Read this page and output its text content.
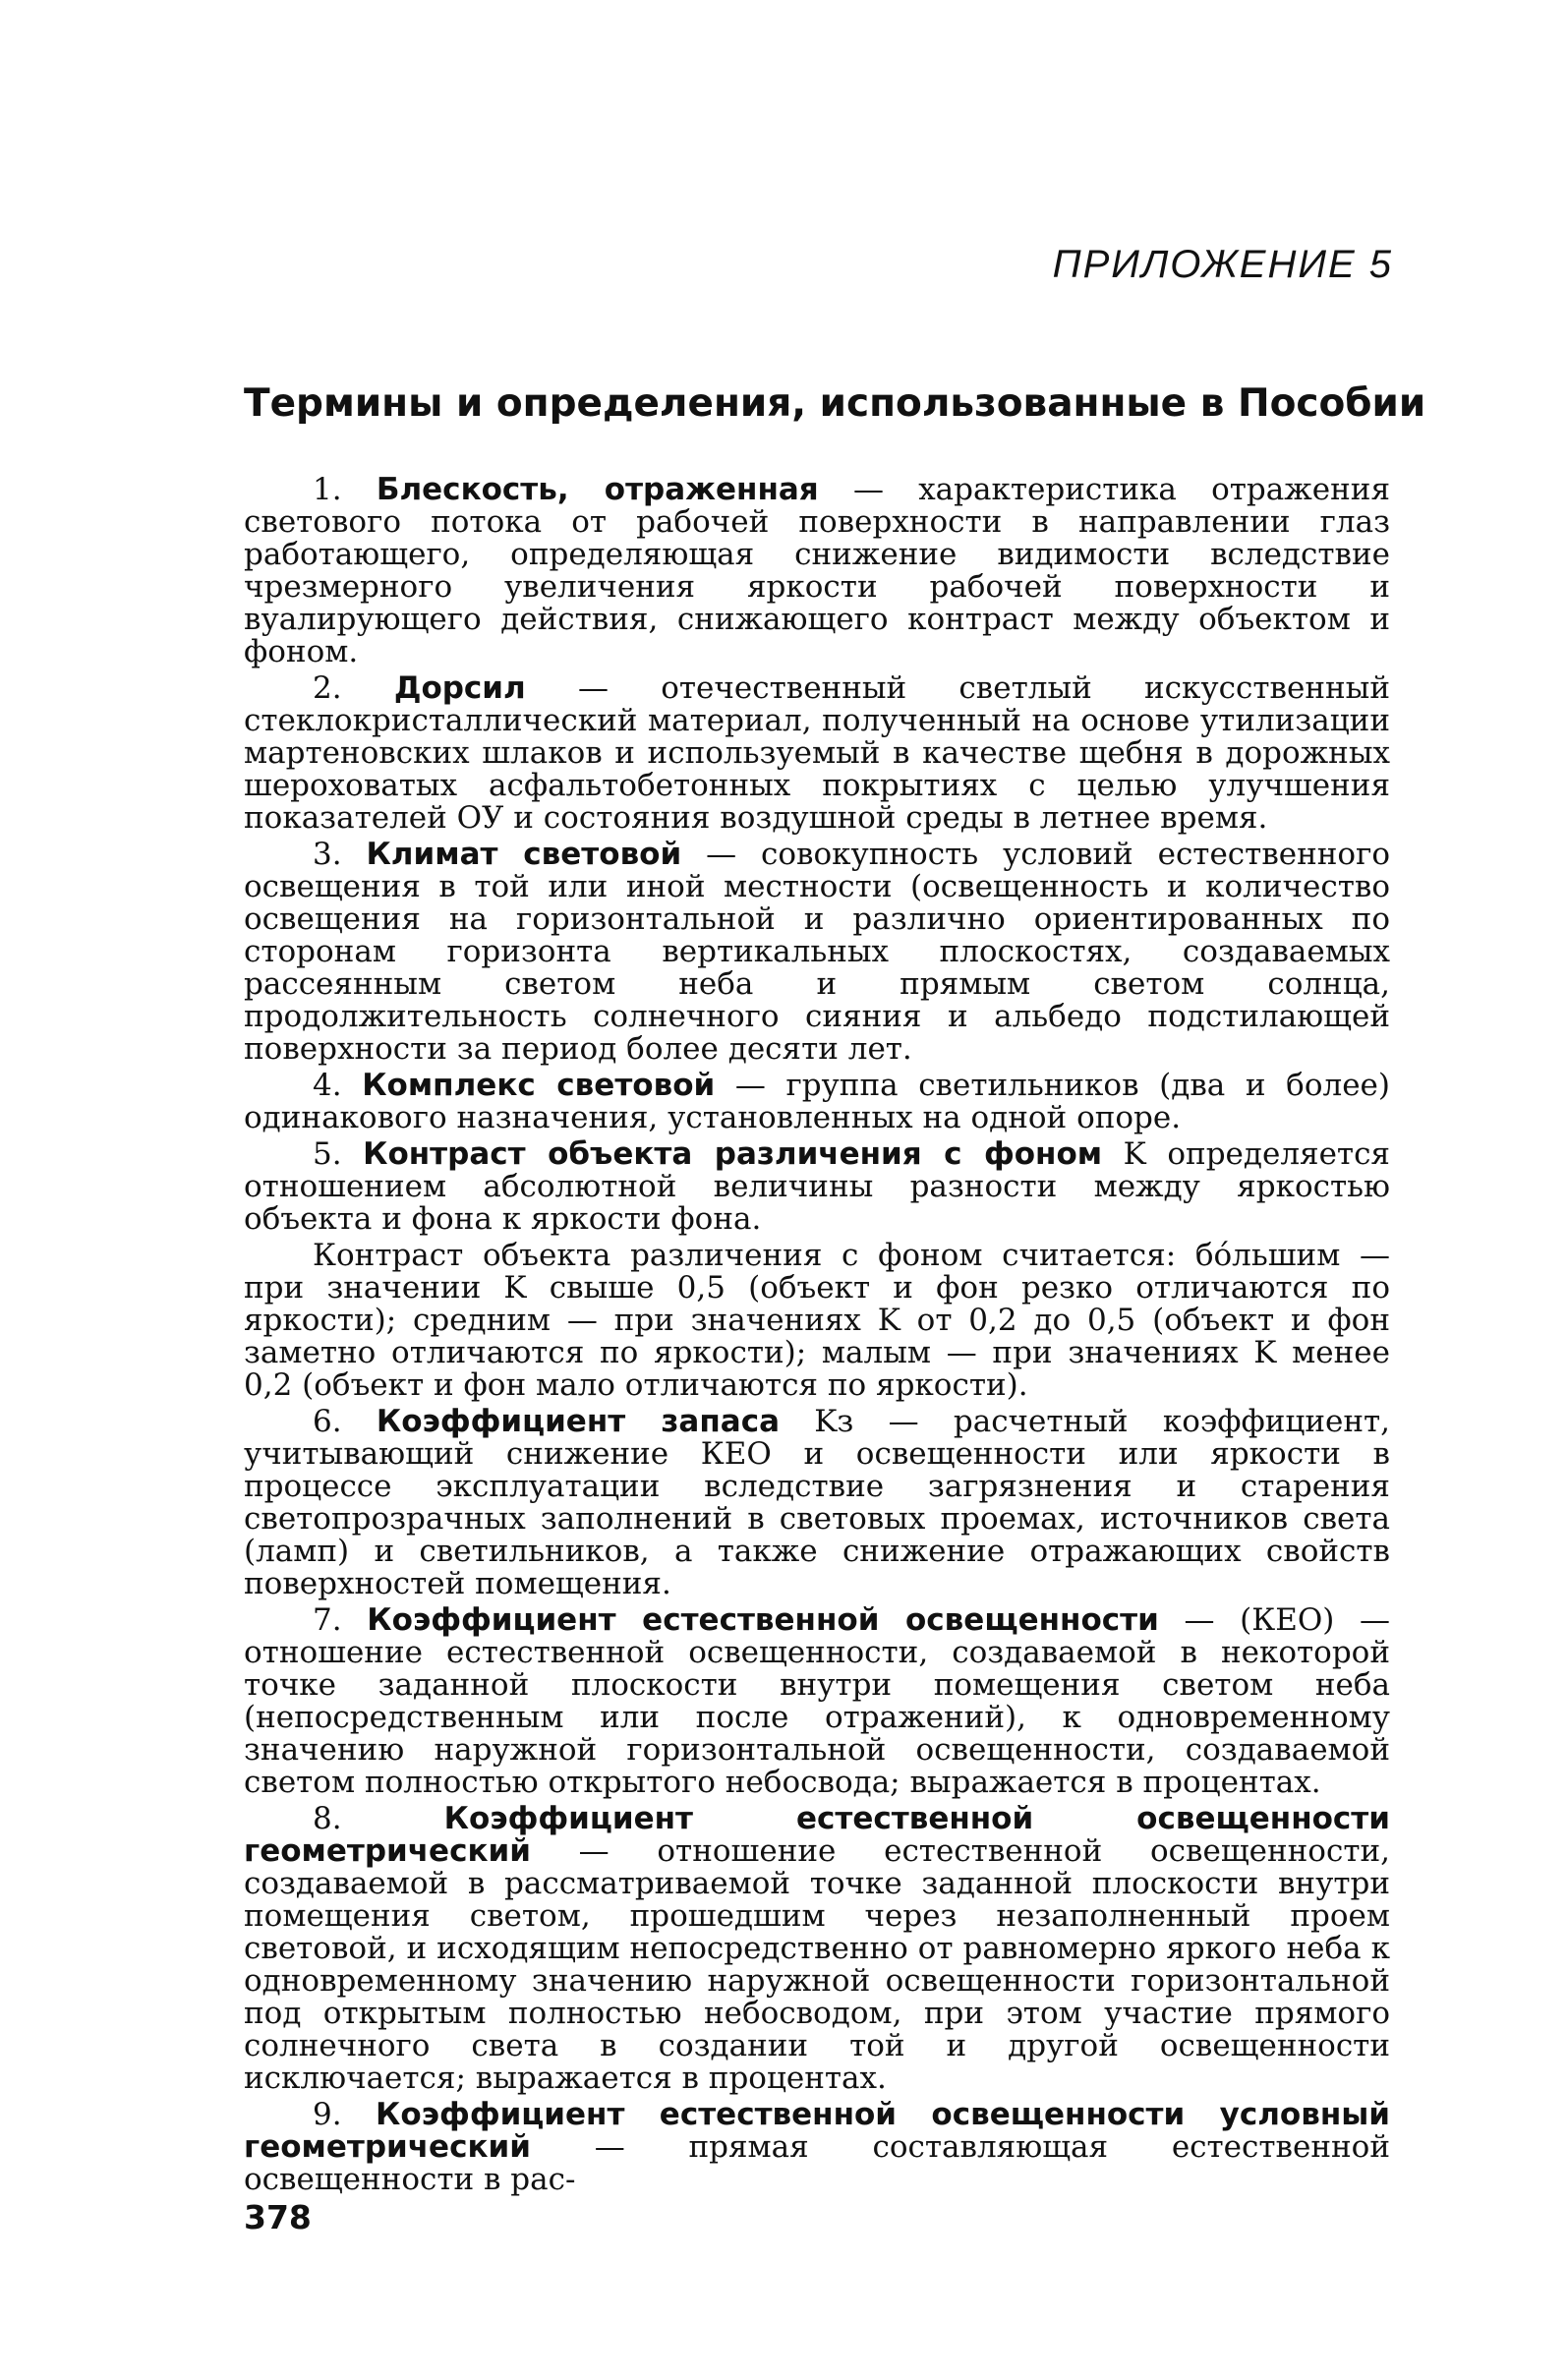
ПРИЛОЖЕНИЕ 5
Термины и определения, использованные в Пособии

1. Блескость, отраженная — характеристика отражения светового потока от рабочей поверхности в направлении глаз работающего, определяющая снижение видимости вследствие чрезмерного увеличения яркости рабочей поверхности и вуалирующего действия, снижающего контраст между объектом и фоном.

2. Дорсил — отечественный светлый искусственный стеклокристаллический материал, полученный на основе утилизации мартеновских шлаков и используемый в качестве щебня в дорожных шероховатых асфальтобетонных покрытиях с целью улучшения показателей ОУ и состояния воздушной среды в летнее время.

3. Климат световой — совокупность условий естественного освещения в той или иной местности (освещенность и количество освещения на горизонтальной и различно ориентированных по сторонам горизонта вертикальных плоскостях, создаваемых рассеянным светом неба и прямым светом солнца, продолжительность солнечного сияния и альбедо подстилающей поверхности за период более десяти лет.

4. Комплекс световой — группа светильников (два и более) одинакового назначения, установленных на одной опоре.

5. Контраст объекта различения с фоном K определяется отношением абсолютной величины разности между яркостью объекта и фона к яркости фона.

Контраст объекта различения с фоном считается: бóльшим — при значении K свыше 0,5 (объект и фон резко отличаются по яркости); средним — при значениях K от 0,2 до 0,5 (объект и фон заметно отличаются по яркости); малым — при значениях K менее 0,2 (объект и фон мало отличаются по яркости).

6. Коэффициент запаса Kз — расчетный коэффициент, учитывающий снижение КЕО и освещенности или яркости в процессе эксплуатации вследствие загрязнения и старения светопрозрачных заполнений в световых проемах, источников света (ламп) и светильников, а также снижение отражающих свойств поверхностей помещения.

7. Коэффициент естественной освещенности — (КЕО) — отношение естественной освещенности, создаваемой в некоторой точке заданной плоскости внутри помещения светом неба (непосредственным или после отражений), к одновременному значению наружной горизонтальной освещенности, создаваемой светом полностью открытого небосвода; выражается в процентах.

8.	Коэффициент естественной освещенности геометрический — отношение естественной освещенности, создаваемой в рассматриваемой точке заданной плоскости внутри помещения светом, прошедшим через незаполненный проем световой, и исходящим непосредственно от равномерно яркого неба к одновременному значению наружной освещенности горизонтальной под открытым полностью небосводом, при этом участие прямого солнечного света в создании той и другой освещенности исключается; выражается в процентах.

9. Коэффициент естественной освещенности условный геометрический — прямая составляющая естественной освещенности в рас-

378
